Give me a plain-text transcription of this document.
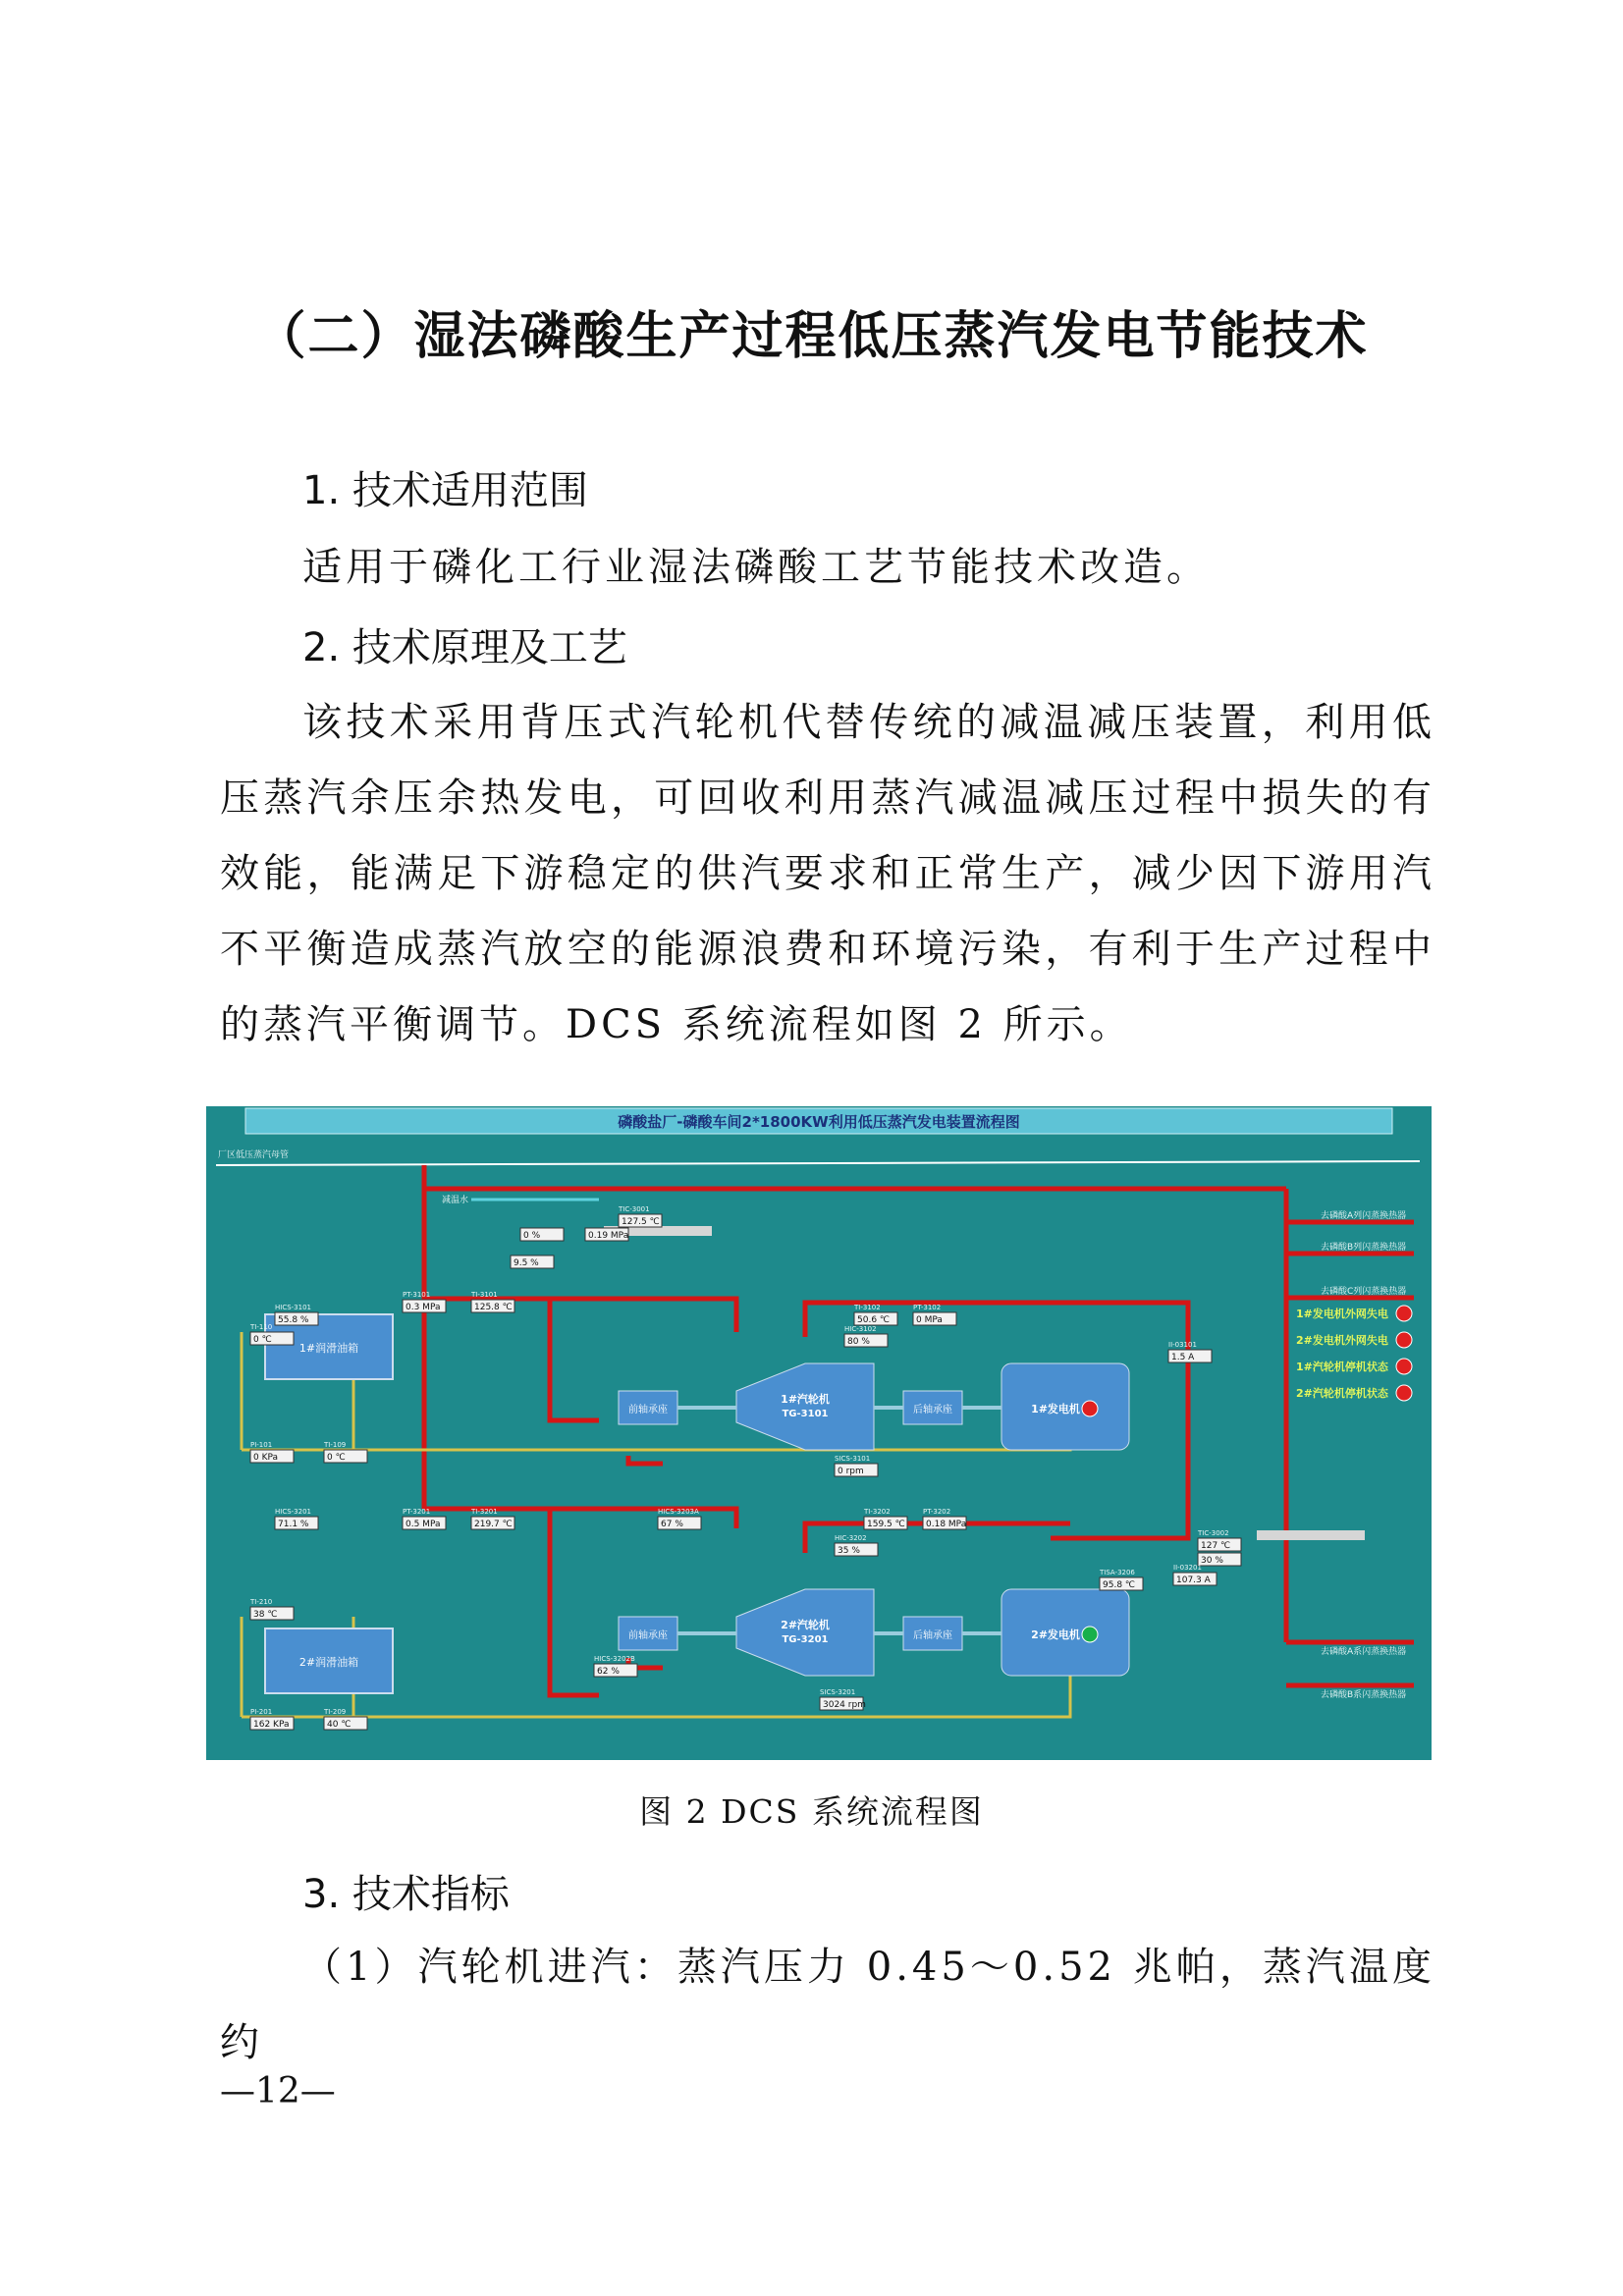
（二）湿法磷酸生产过程低压蒸汽发电节能技术
1. 技术适用范围

适用于磷化工行业湿法磷酸工艺节能技术改造。

2. 技术原理及工艺

该技术采用背压式汽轮机代替传统的减温减压装置，利用低压蒸汽余压余热发电，可回收利用蒸汽减温减压过程中损失的有效能，能满足下游稳定的供汽要求和正常生产，减少因下游用汽不平衡造成蒸汽放空的能源浪费和环境污染，有利于生产过程中的蒸汽平衡调节。DCS 系统流程如图 2 所示。

磷酸盐厂-磷酸车间2*1800KW利用低压蒸汽发电装置流程图
厂区低压蒸汽母管
减温水
去磷酸A列闪蒸换热器
去磷酸B列闪蒸换热器
去磷酸C列闪蒸换热器
去磷酸A系闪蒸换热器
去磷酸B系闪蒸换热器
1#发电机外网失电
2#发电机外网失电
1#汽轮机停机状态
2#汽轮机停机状态
1#润滑油箱
2#润滑油箱
前轴承座
1#汽轮机
TG-3101	后轴承座	1#发电机
前轴承座
2#汽轮机
TG-3201	后轴承座	2#发电机
TIC-3001
127.5 ℃
0.19 MPa
9.5 %
0 %
HICS-3101
55.8 %
PT-3101
0.3 MPa
TI-3101
125.8 ℃	TI-3102
50.6 ℃
PT-3102
0 MPa
HIC-3102
80 %	II-03101
1.5 A
SICS-3101
0 rpm
TI-110
0 ℃
PI-101
0 KPa
TI-109
0 ℃
HICS-3201
71.1 %
PT-3201
0.5 MPa
TI-3201
219.7 ℃
HICS-3203A
67 %
TI-3202
159.5 ℃
PT-3202
0.18 MPa
HIC-3202
35 %
TIC-3002
127 ℃
30 %
II-03201
107.3 A
SICS-3201
3024 rpm
HICS-3202B
62 %
TI-210
38 ℃
PI-201
162 KPa
TI-209
40 ℃
TISA-3206
95.8 ℃
图 2 DCS 系统流程图
3. 技术指标

（1）汽轮机进汽：蒸汽压力 0.45～0.52 兆帕，蒸汽温度约

—12—
